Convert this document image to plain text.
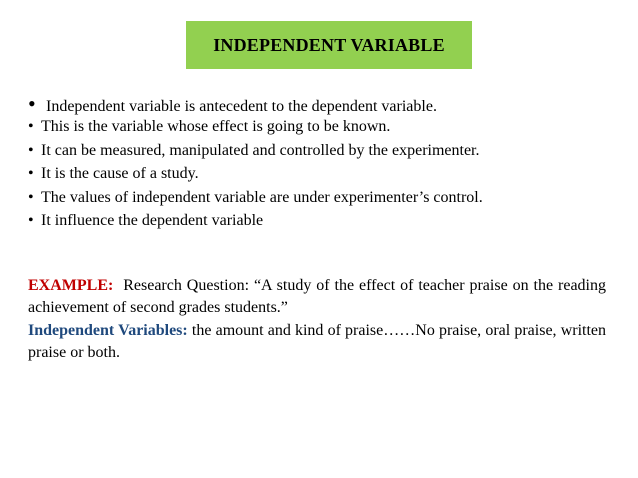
INDEPENDENT VARIABLE
• Independent variable is antecedent to the dependent variable.
• This is the variable whose effect is going to be known.
• It can be measured, manipulated and controlled by the experimenter.
• It is the cause of a study.
• The values of independent variable are under experimenter’s control.
• It influence the dependent variable
EXAMPLE: Research Question: “A study of the effect of teacher praise on the reading achievement of second grades students.”
Independent Variables: the amount and kind of praise……No praise, oral praise, written praise or both.
